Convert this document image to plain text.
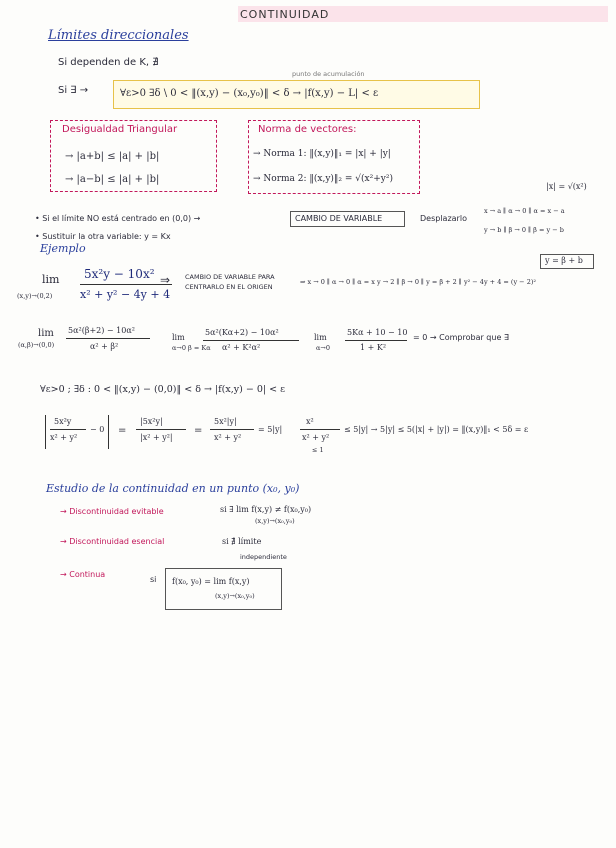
CONTINUIDAD
Límites direccionales
Si dependen de K, ∄
punto de acumulación
Si ∃ →	∀ε>0 ∃δ \ 0 < ‖(x,y) − (x₀,y₀)‖ < δ → |f(x,y) − L| < ε
Desigualdad Triangular
→ |a+b| ≤ |a| + |b|
→ |a−b| ≤ |a| + |b|
Norma de vectores:
→ Norma 1: ‖(x,y)‖₁ = |x| + |y|
→ Norma 2: ‖(x,y)‖₂ = √(x²+y²)
|x| = √(x²)
• Si el límite NO está centrado en (0,0) →	CAMBIO DE VARIABLE	Desplazarlo
x → a ∥ α → 0 ∥ α = x − a
y → b ∥ β → 0 ∥ β = y − b
y = β + b
• Sustituir la otra variable: y = Kx
Ejemplo
lim
(x,y)→(0,2)
5x²y − 10x²
x² + y² − 4y + 4
⇒ CAMBIO DE VARIABLE PARA CENTRARLO EN EL ORIGEN
⇒ x → 0 ∥ α → 0 ∥ α = x y → 2 ∥ β → 0 ∥ y = β + 2 ∥ y² − 4y + 4 = (y − 2)²
lim
(α,β)→(0,0)
5α²(β+2) − 10α²
α² + β²
lim
α→0 β = Kα
5α²(Kα+2) − 10α²
α² + K²α²
lim
α→0
5Kα + 10 − 10
1 + K²
= 0 → Comprobar que ∃
∀ε>0 ; ∃δ : 0 < ‖(x,y) − (0,0)‖ < δ → |f(x,y) − 0| < ε
5x²y
x² + y²
− 0 =
|5x²y|
|x² + y²|
=
5x²|y|
x² + y²
= 5|y|
x²
x² + y²
≤ 1
≤ 5|y| → 5|y| ≤ 5(|x| + |y|) = ‖(x,y)‖₁ < 5δ = ε
Estudio de la continuidad en un punto (x₀, y₀)
→ Discontinuidad evitable	si ∃ lim f(x,y) ≠ f(x₀,y₀)
(x,y)→(x₀,y₀)
→ Discontinuidad esencial	si ∄ límite
independiente
→ Continua
si f(x₀, y₀) = lim f(x,y)
(x,y)→(x₀,y₀)
